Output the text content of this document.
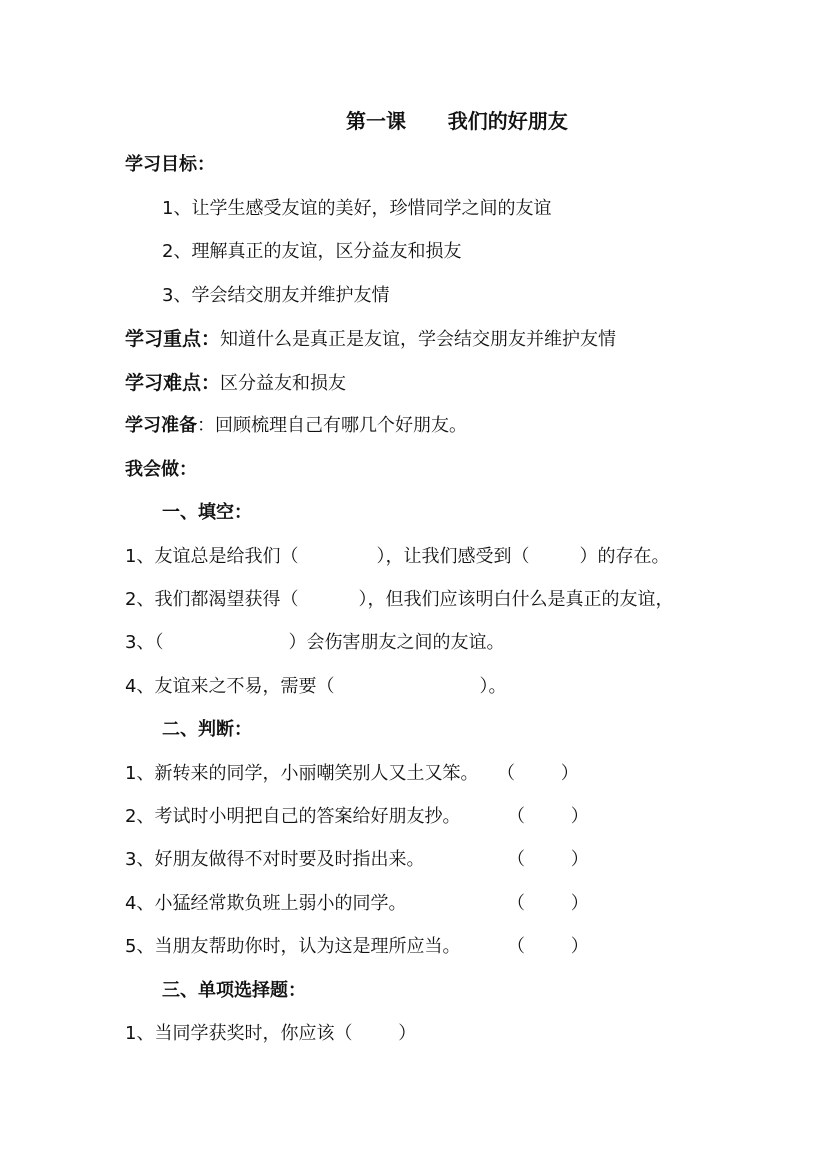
第一课      我们的好朋友
学习目标：
1、让学生感受友谊的美好，珍惜同学之间的友谊
2、理解真正的友谊，区分益友和损友
3、学会结交朋友并维护友情
学习重点：知道什么是真正是友谊，学会结交朋友并维护友情
学习难点：区分益友和损友
学习准备：回顾梳理自己有哪几个好朋友。
我会做：
一、填空：
1、友谊总是给我们（	），让我们感受到（	）的存在。
2、我们都渴望获得（	），但我们应该明白什么是真正的友谊，
3、（	）会伤害朋友之间的友谊。
4、友谊来之不易，需要（	）。
二、判断：
1、新转来的同学，小丽嘲笑别人又土又笨。 （        ）
2、考试时小明把自己的答案给好朋友抄。	（        ）
3、好朋友做得不对时要及时指出来。	（        ）
4、小猛经常欺负班上弱小的同学。	（        ）
5、当朋友帮助你时，认为这是理所应当。	（        ）
三、单项选择题：
1、当同学获奖时，你应该（        ）
